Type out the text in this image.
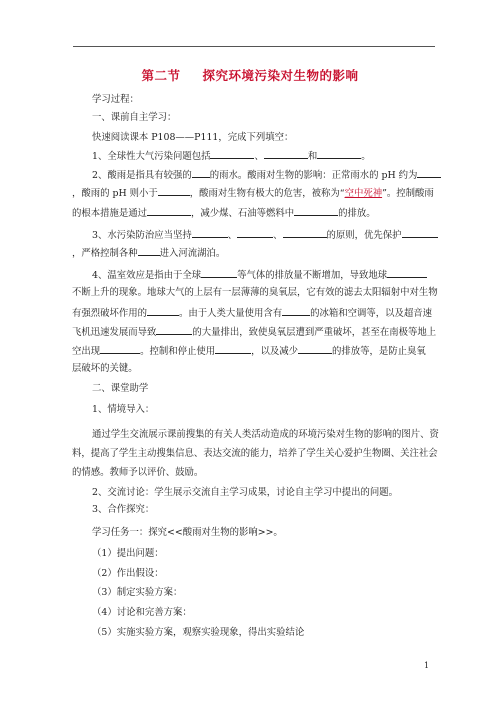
第二节 探究环境污染对生物的影响
学习过程：
一、课前自主学习：
快速阅读课本 P108——P111，完成下列填空：
1、全球性大气污染问题包括	、	和	。
2、酸雨是指具有较强的 的雨水。酸雨对生物的影响：正常雨水的 pH 约为
，酸雨的 pH 则小于	，酸雨对生物有极大的危害，被称为“空中死神”。控制酸雨
的根本措施是通过	，减少煤、石油等燃料中	的排放。
3、水污染防治应当坚持	、	、	的原则，优先保护
，严格控制各种 进入河流湖泊。
4、温室效应是指由于全球	等气体的排放量不断增加，导致地球
不断上升的现象。地球大气的上层有一层薄薄的臭氧层，它有效的滤去太阳辐射中对生物
有强烈破坏作用的	。由于人类大量使用含有	的冰箱和空调等，以及超音速
飞机迅速发展而导致	的大量排出，致使臭氧层遭到严重破坏，甚至在南极等地上
空出现	。控制和停止使用	，以及减少	的排放等，是防止臭氧
层破坏的关键。
二、课堂助学
1、情境导入：
通过学生交流展示课前搜集的有关人类活动造成的环境污染对生物的影响的图片、资
料，提高了学生主动搜集信息、表达交流的能力，培养了学生关心爱护生物圈、关注社会
的情感。教师予以评价、鼓励。
2、交流讨论：学生展示交流自主学习成果，讨论自主学习中提出的问题。
3、合作探究：
学习任务一：探究<<酸雨对生物的影响>>。
（1）提出问题：
（2）作出假设：
（3）制定实验方案：
（4）讨论和完善方案：
（5）实施实验方案，观察实验现象，得出实验结论
1
